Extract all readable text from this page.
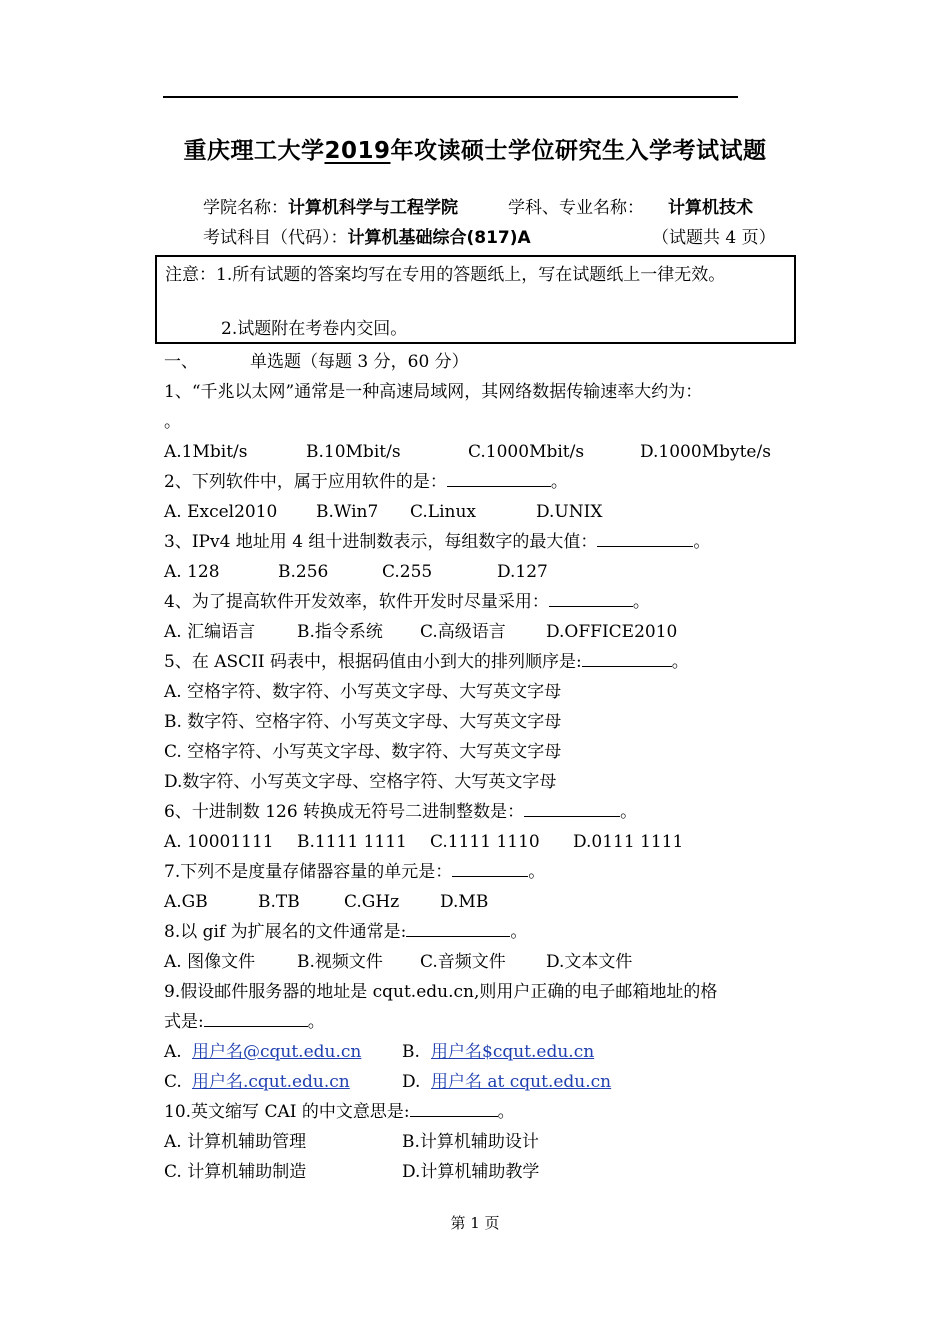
重庆理工大学2019年攻读硕士学位研究生入学考试试题
学院名称：计算机科学与工程学院	学科、专业名称： 计算机技术
考试科目（代码）：计算机基础综合(817)A	（试题共 4 页）
注意：1.所有试题的答案均写在专用的答题纸上，写在试题纸上一律无效。
2.试题附在考卷内交回。
一、	单选题（每题 3 分，60 分）
1、“千兆以太网”通常是一种高速局域网，其网络数据传输速率大约为：
。
A.1Mbit/s	B.10Mbit/s	C.1000Mbit/s	D.1000Mbyte/s
2、下列软件中，属于应用软件的是：	。
A. Excel2010 B.Win7 C.Linux	D.UNIX
3、IPv4 地址用 4 组十进制数表示，每组数字的最大值：	。
A. 128	B.256	C.255	D.127
4、为了提高软件开发效率，软件开发时尽量采用：	。
A. 汇编语言 B.指令系统 C.高级语言 D.OFFICE2010
5、在 ASCII 码表中，根据码值由小到大的排列顺序是:	。
A. 空格字符、数字符、小写英文字母、大写英文字母
B. 数字符、空格字符、小写英文字母、大写英文字母
C. 空格字符、小写英文字母、数字符、大写英文字母
D.数字符、小写英文字母、空格字符、大写英文字母
6、十进制数 126 转换成无符号二进制整数是：	。
A. 10001111 B.1111 1111 C.1111 1110 D.0111 1111
7.下列不是度量存储器容量的单元是：	。
A.GB	B.TB	C.GHz D.MB
8.以 gif 为扩展名的文件通常是:	。
A. 图像文件 B.视频文件 C.音频文件 D.文本文件
9.假设邮件服务器的地址是 cqut.edu.cn,则用户正确的电子邮箱地址的格
式是:	。
A. 用户名@cqut.edu.cn B. 用户名$cqut.edu.cn
C. 用户名.cqut.edu.cn	D. 用户名 at cqut.edu.cn
10.英文缩写 CAI 的中文意思是:	。
A. 计算机辅助管理	B.计算机辅助设计
C. 计算机辅助制造	D.计算机辅助教学
第 1 页
